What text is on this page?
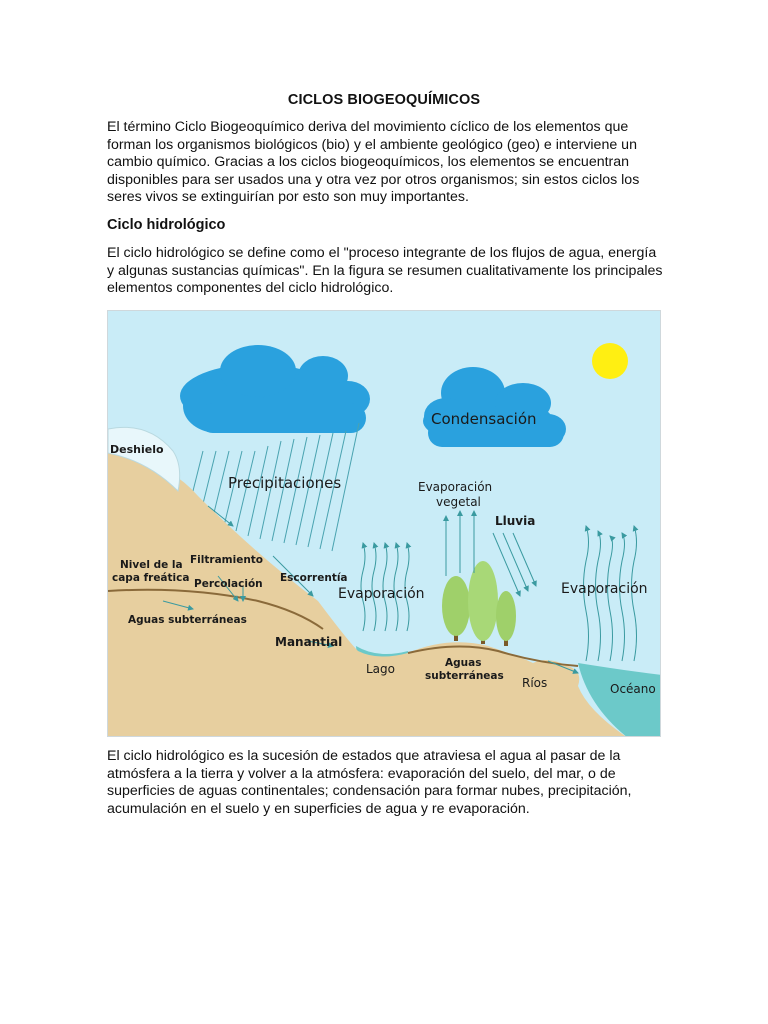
CICLOS BIOGEOQUÍMICOS

El término Ciclo Biogeoquímico deriva del movimiento cíclico de los elementos que forman los organismos biológicos (bio) y el ambiente geológico (geo) e interviene un cambio químico. Gracias a los ciclos biogeoquímicos, los elementos se encuentran disponibles para ser usados una y otra vez por otros organismos; sin estos ciclos los seres vivos se extinguirían por esto son muy importantes.

Ciclo hidrológico

El ciclo hidrológico se define como el "proceso integrante de los flujos de agua, energía y algunas sustancias químicas". En la figura se resumen cualitativamente los principales elementos componentes del ciclo hidrológico.

Condensación
Deshielo
Precipitaciones	Evaporación
vegetal
Lluvia
Nivel de la
capa freática
Filtramiento
Percolación Escorrentía
Evaporación	Evaporación
Aguas subterráneas
Manantial
Lago	Aguas
subterráneas Ríos	Océano

El ciclo hidrológico es la sucesión de estados que atraviesa el agua al pasar de la atmósfera a la tierra y volver a la atmósfera: evaporación del suelo, del mar, o de superficies de aguas continentales; condensación para formar nubes, precipitación, acumulación en el suelo y en superficies de agua y re evaporación.
